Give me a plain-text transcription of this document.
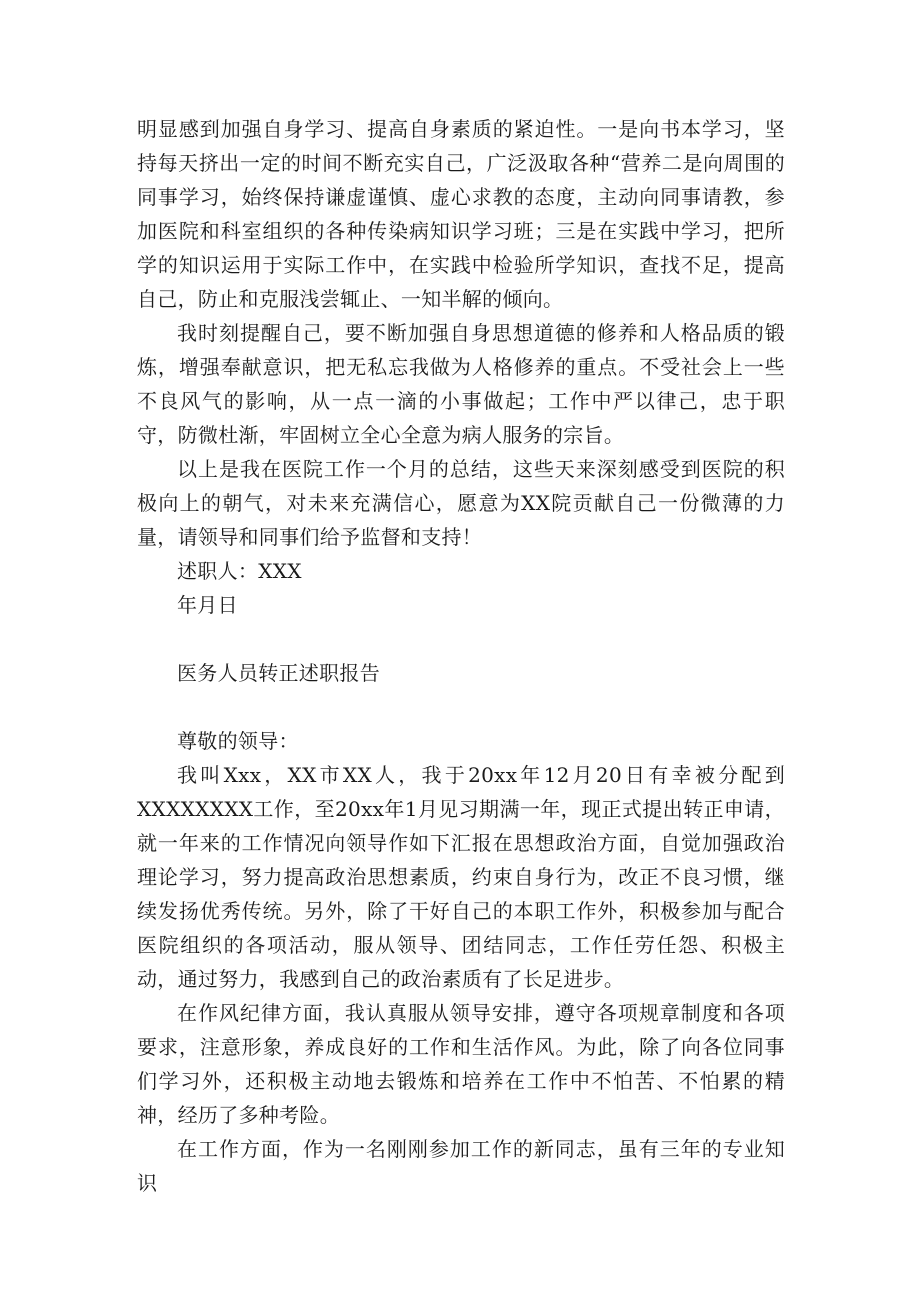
明显感到加强自身学习、提高自身素质的紧迫性。一是向书本学习，坚持每天挤出一定的时间不断充实自己，广泛汲取各种“营养二是向周围的同事学习，始终保持谦虚谨慎、虚心求教的态度，主动向同事请教，参加医院和科室组织的各种传染病知识学习班；三是在实践中学习，把所学的知识运用于实际工作中，在实践中检验所学知识，查找不足，提高自己，防止和克服浅尝辄止、一知半解的倾向。

我时刻提醒自己，要不断加强自身思想道德的修养和人格品质的锻炼，增强奉献意识，把无私忘我做为人格修养的重点。不受社会上一些不良风气的影响，从一点一滴的小事做起；工作中严以律己，忠于职守，防微杜渐，牢固树立全心全意为病人服务的宗旨。

以上是我在医院工作一个月的总结，这些天来深刻感受到医院的积极向上的朝气，对未来充满信心，愿意为XX院贡献自己一份微薄的力量，请领导和同事们给予监督和支持！

述职人：XXX

年月日

医务人员转正述职报告

尊敬的领导：

我叫Xxx，XX市XX人，我于20xx年12月20日有幸被分配到XXXXXXXX工作，至20xx年1月见习期满一年，现正式提出转正申请，就一年来的工作情况向领导作如下汇报在思想政治方面，自觉加强政治理论学习，努力提高政治思想素质，约束自身行为，改正不良习惯，继续发扬优秀传统。另外，除了干好自己的本职工作外，积极参加与配合医院组织的各项活动，服从领导、团结同志，工作任劳任怨、积极主动，通过努力，我感到自己的政治素质有了长足进步。

在作风纪律方面，我认真服从领导安排，遵守各项规章制度和各项要求，注意形象，养成良好的工作和生活作风。为此，除了向各位同事们学习外，还积极主动地去锻炼和培养在工作中不怕苦、不怕累的精神，经历了多种考险。

在工作方面，作为一名刚刚参加工作的新同志，虽有三年的专业知识
